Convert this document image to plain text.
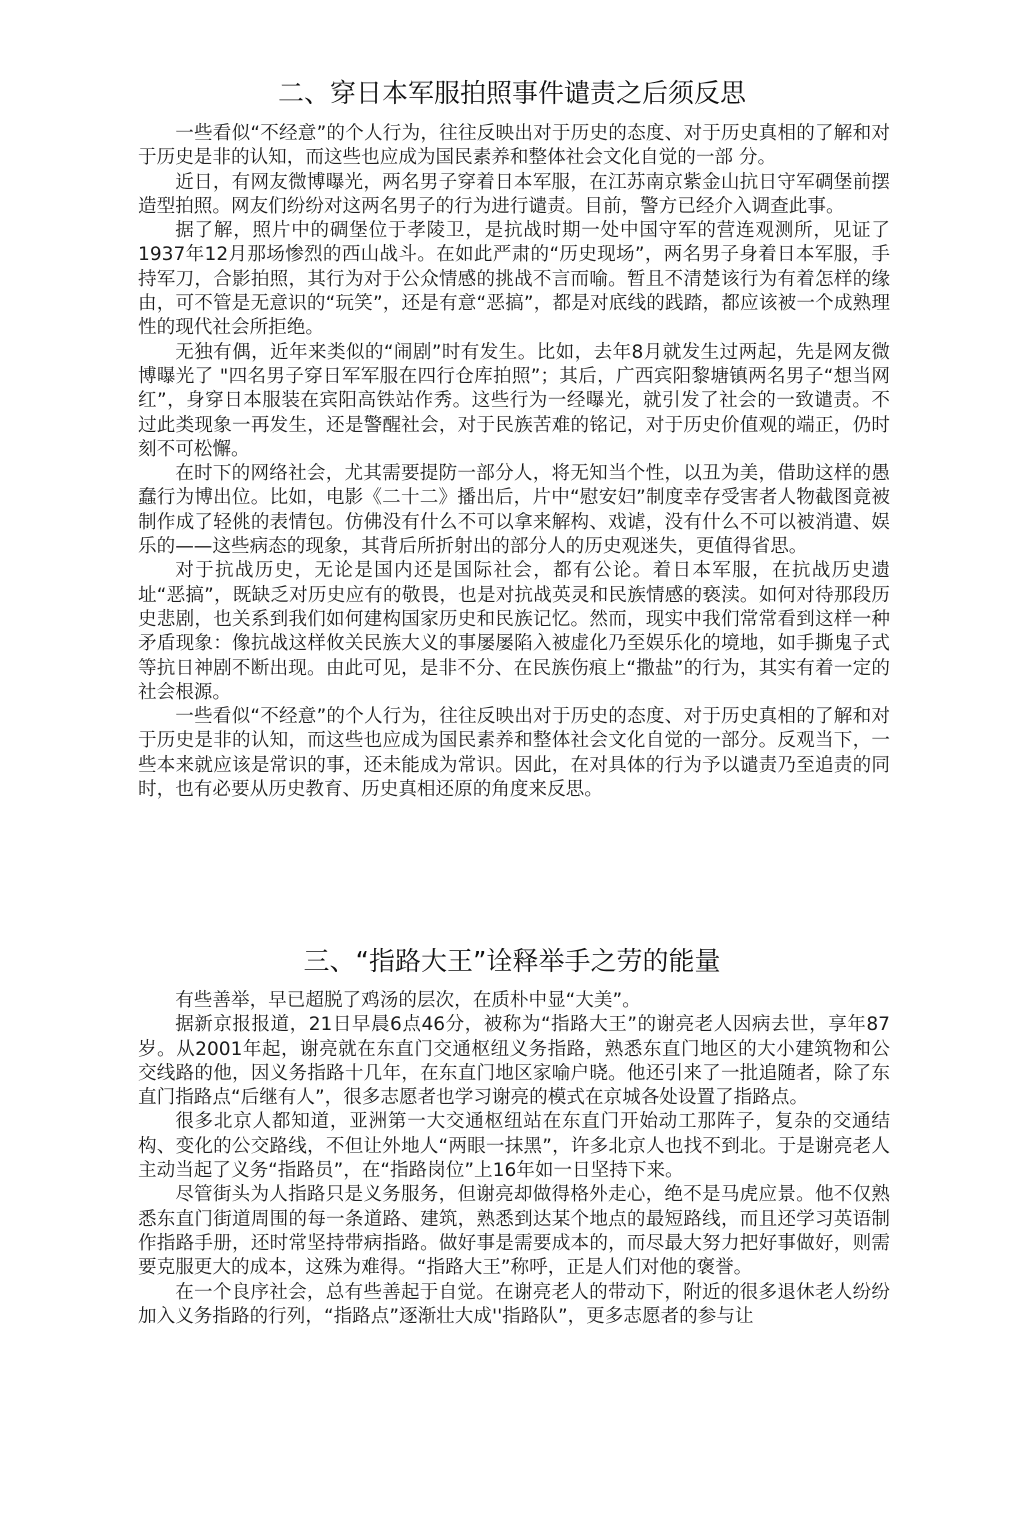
二、穿日本军服拍照事件谴责之后须反思

一些看似“不经意”的个人行为，往往反映出对于历史的态度、对于历史真相的了解和对于历史是非的认知，而这些也应成为国民素养和整体社会文化自觉的一部 分。

近日，有网友微博曝光，两名男子穿着日本军服，在江苏南京紫金山抗日守军碉堡前摆造型拍照。网友们纷纷对这两名男子的行为进行谴责。目前，警方已经介入调查此事。

据了解，照片中的碉堡位于孝陵卫，是抗战时期一处中国守军的营连观测所，见证了 1937年12月那场惨烈的西山战斗。在如此严肃的“历史现场”，两名男子身着日本军服，手持军刀，合影拍照，其行为对于公众情感的挑战不言而喻。暂且不清楚该行为有着怎样的缘由，可不管是无意识的“玩笑”，还是有意“恶搞”，都是对底线的践踏，都应该被一个成熟理性的现代社会所拒绝。

无独有偶，近年来类似的“闹剧”时有发生。比如，去年8月就发生过两起，先是网友微博曝光了 "四名男子穿日军军服在四行仓库拍照”；其后，广西宾阳黎塘镇两名男子“想当网红”，身穿日本服装在宾阳高铁站作秀。这些行为一经曝光，就引发了社会的一致谴责。不过此类现象一再发生，还是警醒社会，对于民族苦难的铭记，对于历史价值观的端正，仍时刻不可松懈。

在时下的网络社会，尤其需要提防一部分人，将无知当个性，以丑为美，借助这样的愚蠢行为博出位。比如，电影《二十二》播出后，片中“慰安妇”制度幸存受害者人物截图竟被制作成了轻佻的表情包。仿佛没有什么不可以拿来解构、戏谑，没有什么不可以被消遣、娱乐的——这些病态的现象，其背后所折射出的部分人的历史观迷失，更值得省思。

对于抗战历史，无论是国内还是国际社会，都有公论。着日本军服，在抗战历史遗址“恶搞”，既缺乏对历史应有的敬畏，也是对抗战英灵和民族情感的亵渎。如何对待那段历史悲剧，也关系到我们如何建构国家历史和民族记忆。然而，现实中我们常常看到这样一种矛盾现象：像抗战这样攸关民族大义的事屡屡陷入被虚化乃至娱乐化的境地，如手撕鬼子式等抗日神剧不断出现。由此可见，是非不分、在民族伤痕上“撒盐”的行为，其实有着一定的社会根源。

一些看似“不经意”的个人行为，往往反映出对于历史的态度、对于历史真相的了解和对于历史是非的认知，而这些也应成为国民素养和整体社会文化自觉的一部分。反观当下，一些本来就应该是常识的事，还未能成为常识。因此，在对具体的行为予以谴责乃至追责的同时，也有必要从历史教育、历史真相还原的角度来反思。

三、“指路大王”诠释举手之劳的能量

有些善举，早已超脱了鸡汤的层次，在质朴中显“大美”。

据新京报报道，21日早晨6点46分，被称为“指路大王”的谢亮老人因病去世，享年87岁。从2001年起，谢亮就在东直门交通枢纽义务指路，熟悉东直门地区的大小建筑物和公交线路的他，因义务指路十几年，在东直门地区家喻户晓。他还引来了一批追随者，除了东直门指路点“后继有人”，很多志愿者也学习谢亮的模式在京城各处设置了指路点。

很多北京人都知道，亚洲第一大交通枢纽站在东直门开始动工那阵子，复杂的交通结构、变化的公交路线，不但让外地人“两眼一抹黑”，许多北京人也找不到北。于是谢亮老人主动当起了义务“指路员”，在“指路岗位”上16年如一日坚持下来。

尽管街头为人指路只是义务服务，但谢亮却做得格外走心，绝不是马虎应景。他不仅熟悉东直门街道周围的每一条道路、建筑，熟悉到达某个地点的最短路线，而且还学习英语制作指路手册，还时常坚持带病指路。做好事是需要成本的，而尽最大努力把好事做好，则需要克服更大的成本，这殊为难得。“指路大王”称呼，正是人们对他的褒誉。

在一个良序社会，总有些善起于自觉。在谢亮老人的带动下，附近的很多退休老人纷纷加入义务指路的行列，“指路点”逐渐壮大成''指路队”，更多志愿者的参与让
